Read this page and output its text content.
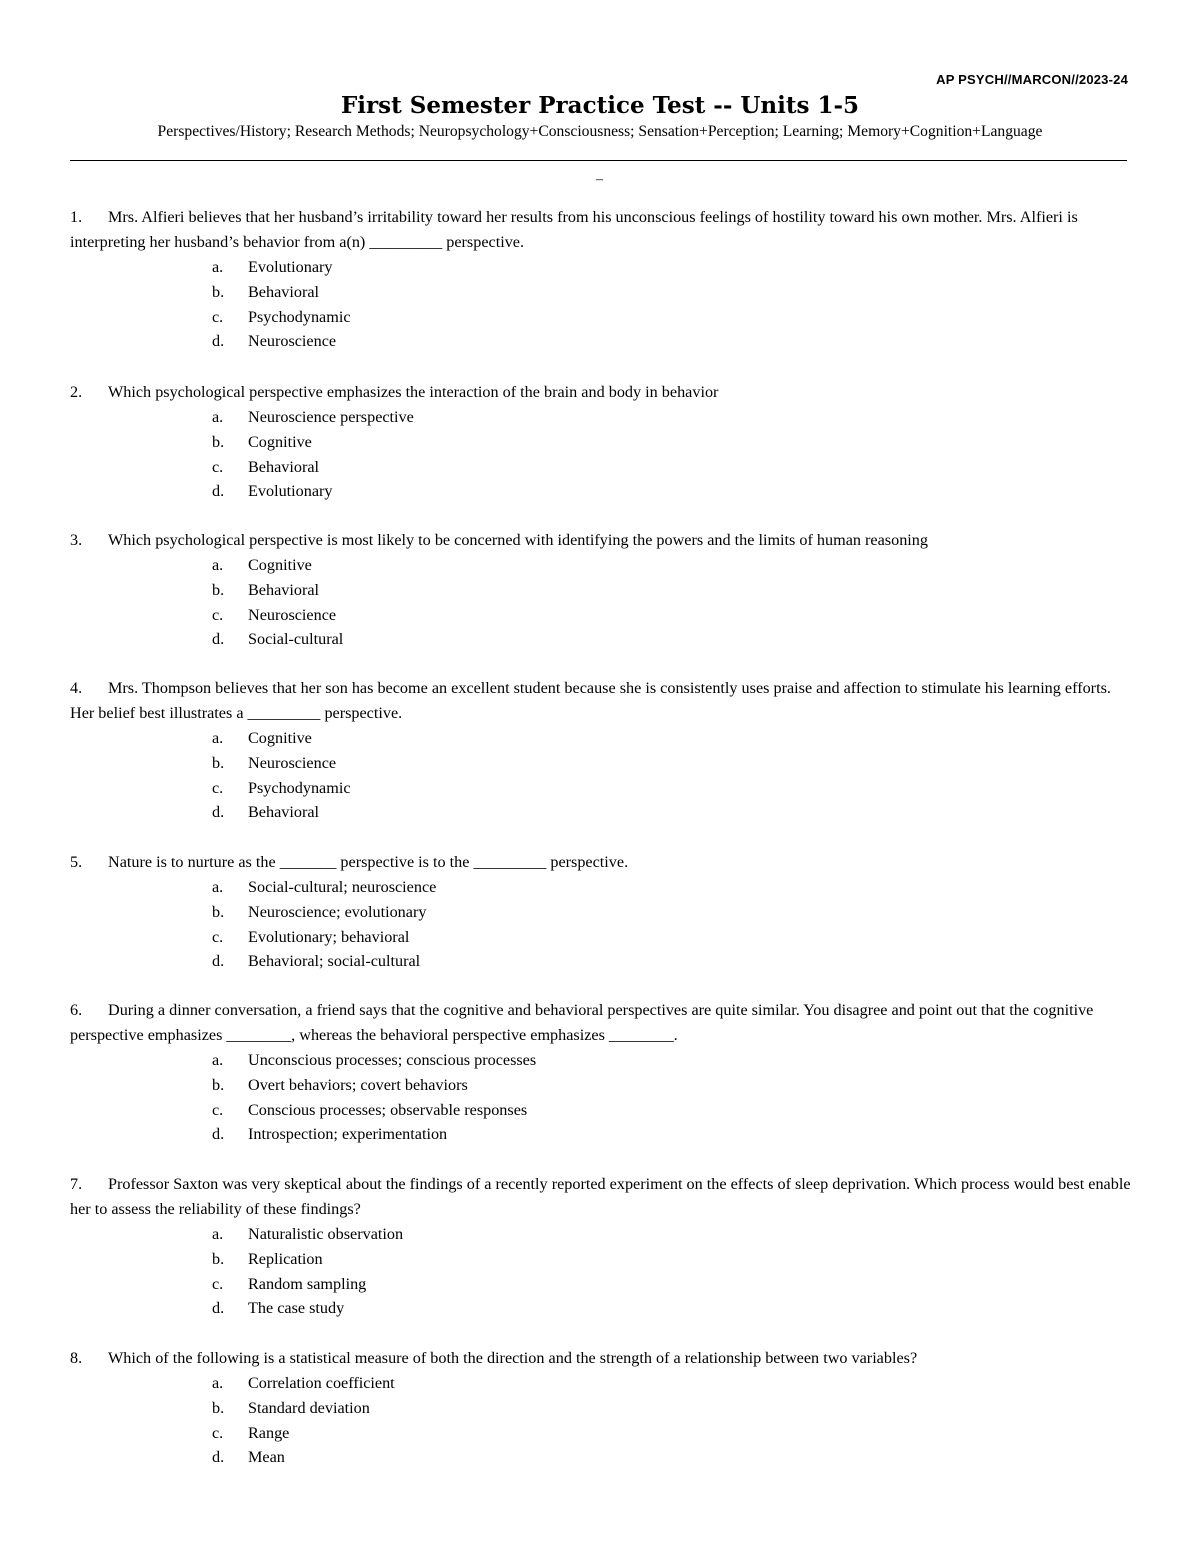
AP PSYCH//MARCON//2023-24
First Semester Practice Test -- Units 1-5
Perspectives/History; Research Methods; Neuropsychology+Consciousness; Sensation+Perception; Learning; Memory+Cognition+Language
–

1. Mrs. Alfieri believes that her husband’s irritability toward her results from his unconscious feelings of hostility toward his own mother. Mrs. Alfieri is interpreting her husband’s behavior from a(n) _________ perspective.

a. Evolutionary
b. Behavioral
c. Psychodynamic
d. Neuroscience

2. Which psychological perspective emphasizes the interaction of the brain and body in behavior

a. Neuroscience perspective
b. Cognitive
c. Behavioral
d. Evolutionary

3. Which psychological perspective is most likely to be concerned with identifying the powers and the limits of human reasoning

a. Cognitive
b. Behavioral
c. Neuroscience
d. Social-cultural

4. Mrs. Thompson believes that her son has become an excellent student because she is consistently uses praise and affection to stimulate his learning efforts. Her belief best illustrates a _________ perspective.

a. Cognitive
b. Neuroscience
c. Psychodynamic
d. Behavioral

5. Nature is to nurture as the _______ perspective is to the _________ perspective.

a. Social-cultural; neuroscience
b. Neuroscience; evolutionary
c. Evolutionary; behavioral
d. Behavioral; social-cultural

6. During a dinner conversation, a friend says that the cognitive and behavioral perspectives are quite similar. You disagree and point out that the cognitive perspective emphasizes ________, whereas the behavioral perspective emphasizes ________.

a. Unconscious processes; conscious processes
b. Overt behaviors; covert behaviors
c. Conscious processes; observable responses
d. Introspection; experimentation

7. Professor Saxton was very skeptical about the findings of a recently reported experiment on the effects of sleep deprivation. Which process would best enable her to assess the reliability of these findings?

a. Naturalistic observation
b. Replication
c. Random sampling
d. The case study

8. Which of the following is a statistical measure of both the direction and the strength of a relationship between two variables?

a. Correlation coefficient
b. Standard deviation
c. Range
d. Mean
